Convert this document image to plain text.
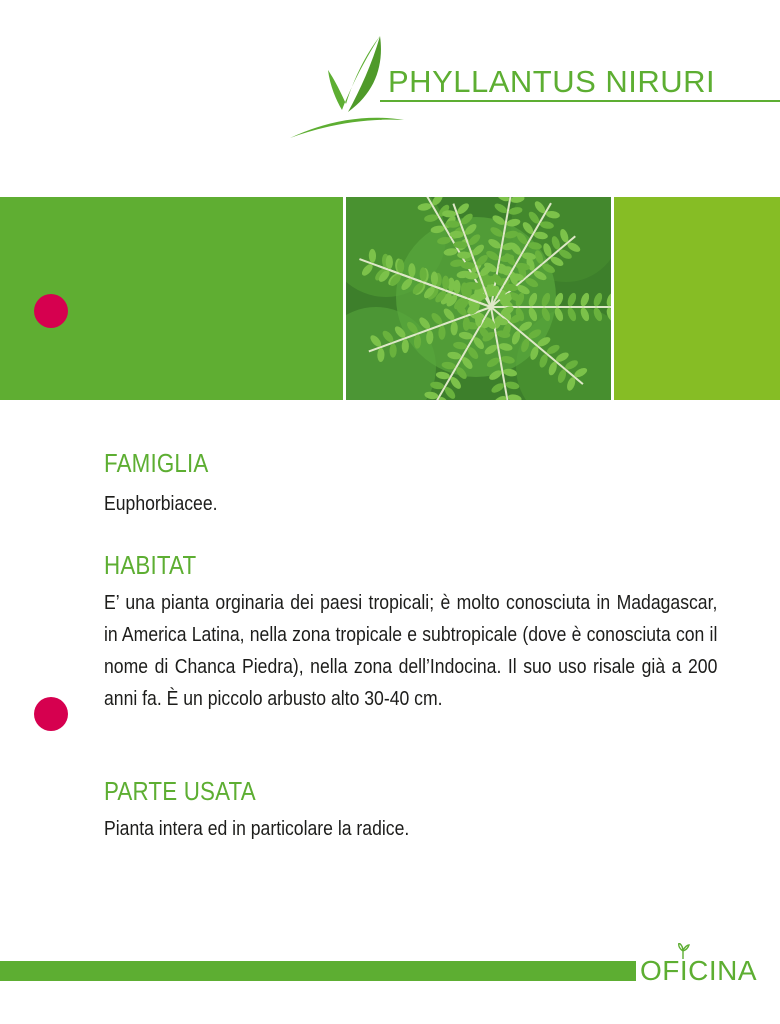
PHYLLANTUS NIRURI
FAMIGLIA

Euphorbiacee.

HABITAT

E’ una pianta orginaria dei paesi tropicali; è molto conosciuta in Madagascar, in America Latina, nella zona tropicale e subtropicale (dove è conosciuta con il nome di Chanca Piedra), nella zona dell’Indocina. Il suo uso risale già a 200 anni fa. È un piccolo arbusto alto 30-40 cm.

PARTE USATA

Pianta intera ed in particolare la radice.

OFICINA
